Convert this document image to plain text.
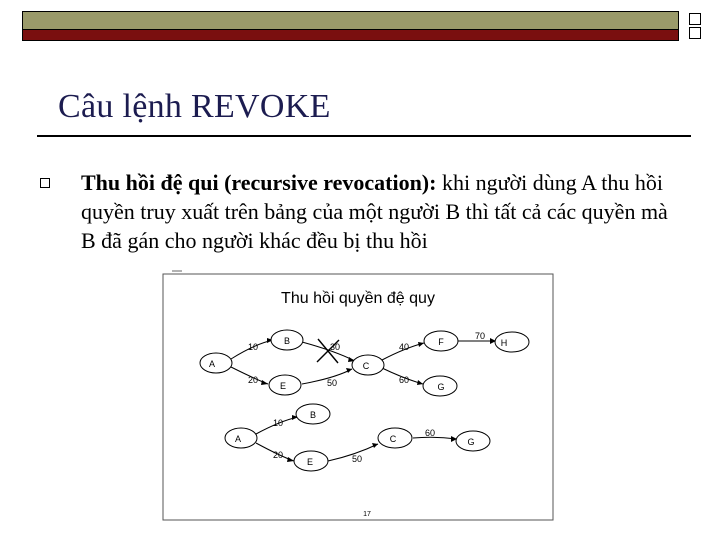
Câu lệnh REVOKE
Thu hồi đệ qui (recursive revocation): khi người dùng A thu hồi quyền truy xuất trên bảng của một người B thì tất cả các quyền mà B đã gán cho người khác đều bị thu hồi
Thu hồi quyền đệ quy
A
B
E
C
F
G
H
10
20
30
50
40
60
70
A
B
E
C	G
10
20	50
60
17
